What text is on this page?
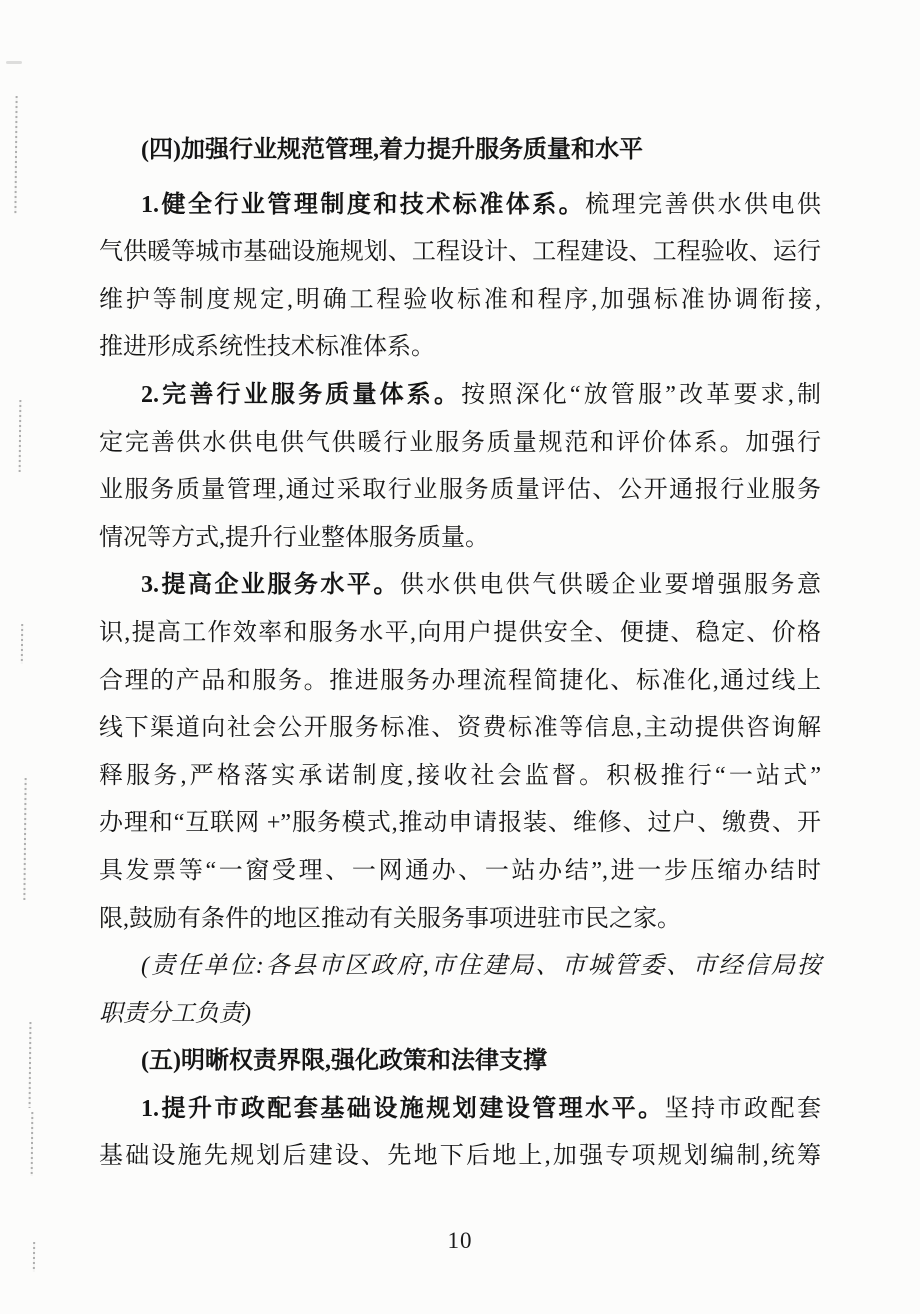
(四)加强行业规范管理,着力提升服务质量和水平
1.健全行业管理制度和技术标准体系。梳理完善供水供电供
气供暖等城市基础设施规划、工程设计、工程建设、工程验收、运行
维护等制度规定,明确工程验收标准和程序,加强标准协调衔接,
推进形成系统性技术标准体系。
2.完善行业服务质量体系。按照深化“放管服”改革要求,制
定完善供水供电供气供暖行业服务质量规范和评价体系。加强行
业服务质量管理,通过采取行业服务质量评估、公开通报行业服务
情况等方式,提升行业整体服务质量。
3.提高企业服务水平。供水供电供气供暖企业要增强服务意
识,提高工作效率和服务水平,向用户提供安全、便捷、稳定、价格
合理的产品和服务。推进服务办理流程简捷化、标准化,通过线上
线下渠道向社会公开服务标准、资费标准等信息,主动提供咨询解
释服务,严格落实承诺制度,接收社会监督。积极推行“一站式”
办理和“互联网 +”服务模式,推动申请报装、维修、过户、缴费、开
具发票等“一窗受理、一网通办、一站办结”,进一步压缩办结时
限,鼓励有条件的地区推动有关服务事项进驻市民之家。
(责任单位:各县市区政府,市住建局、市城管委、市经信局按
职责分工负责)
(五)明晰权责界限,强化政策和法律支撑
1.提升市政配套基础设施规划建设管理水平。坚持市政配套
基础设施先规划后建设、先地下后地上,加强专项规划编制,统筹
10
